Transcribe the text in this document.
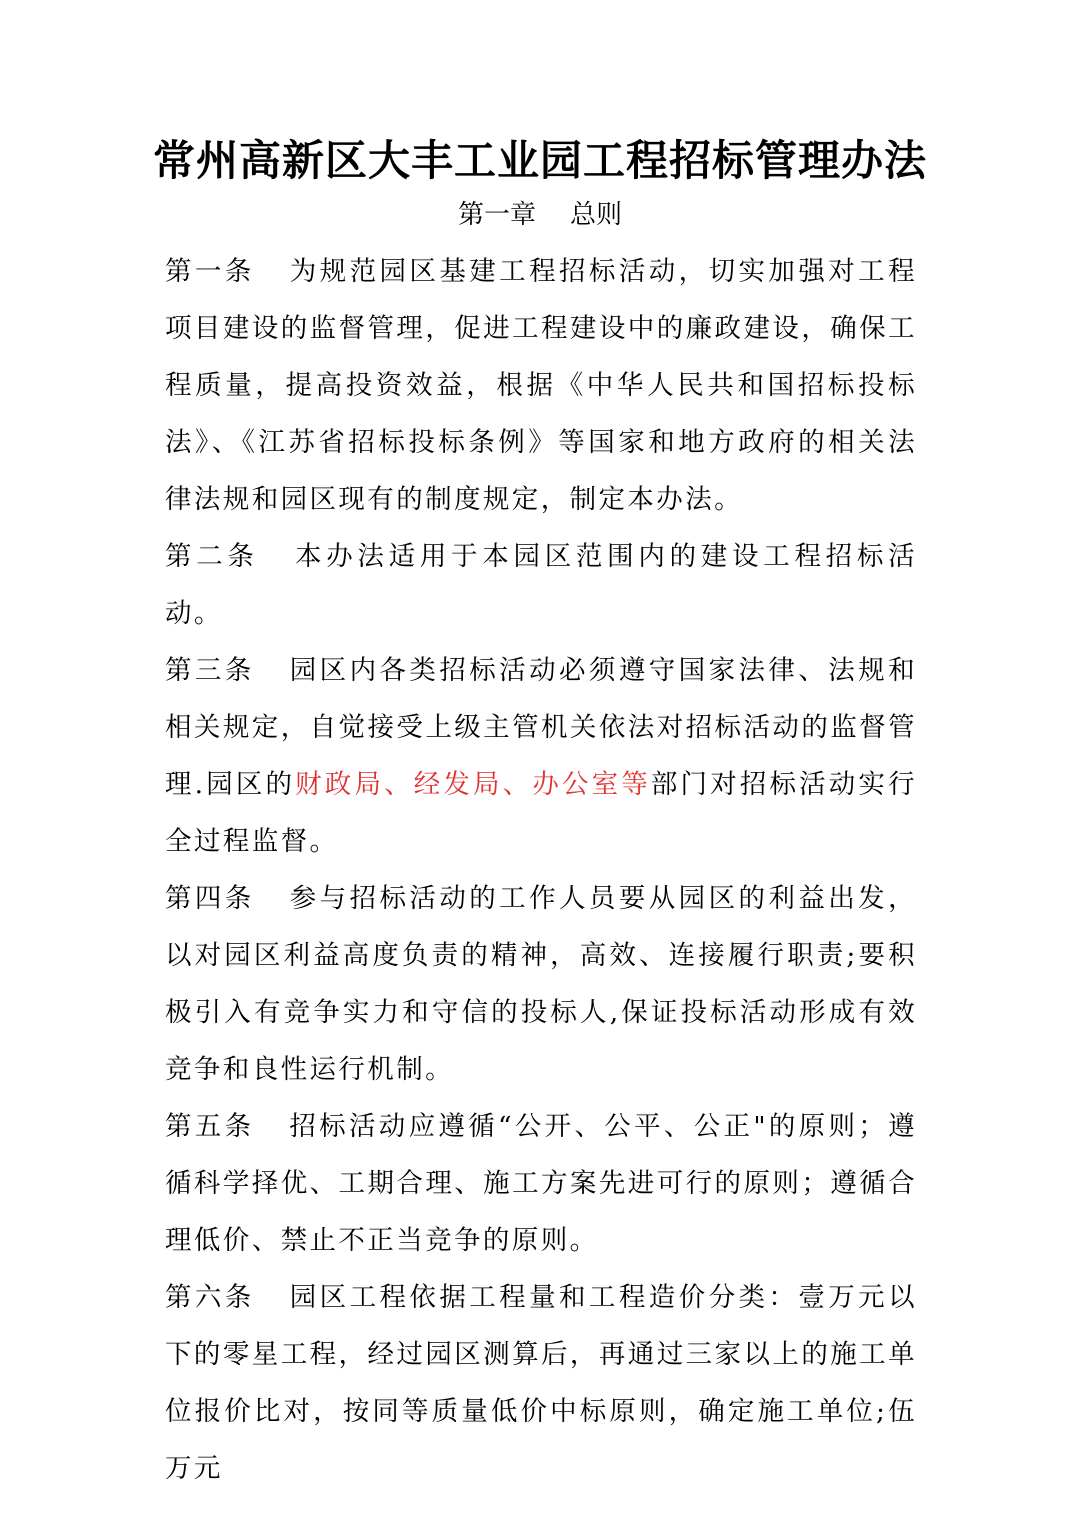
常州高新区大丰工业园工程招标管理办法
第一章 总则

第一条 为规范园区基建工程招标活动，切实加强对工程项目建设的监督管理，促进工程建设中的廉政建设，确保工程质量，提高投资效益，根据《中华人民共和国招标投标法》、《江苏省招标投标条例》等国家和地方政府的相关法律法规和园区现有的制度规定，制定本办法。

第二条 本办法适用于本园区范围内的建设工程招标活动。

第三条 园区内各类招标活动必须遵守国家法律、法规和相关规定，自觉接受上级主管机关依法对招标活动的监督管理.园区的财政局、经发局、办公室等部门对招标活动实行全过程监督。

第四条 参与招标活动的工作人员要从园区的利益出发，以对园区利益高度负责的精神，高效、连接履行职责;要积极引入有竞争实力和守信的投标人,保证投标活动形成有效竞争和良性运行机制。

第五条 招标活动应遵循“公开、公平、公正"的原则；遵循科学择优、工期合理、施工方案先进可行的原则；遵循合理低价、禁止不正当竞争的原则。

第六条 园区工程依据工程量和工程造价分类：壹万元以下的零星工程，经过园区测算后，再通过三家以上的施工单位报价比对，按同等质量低价中标原则，确定施工单位;伍万元
